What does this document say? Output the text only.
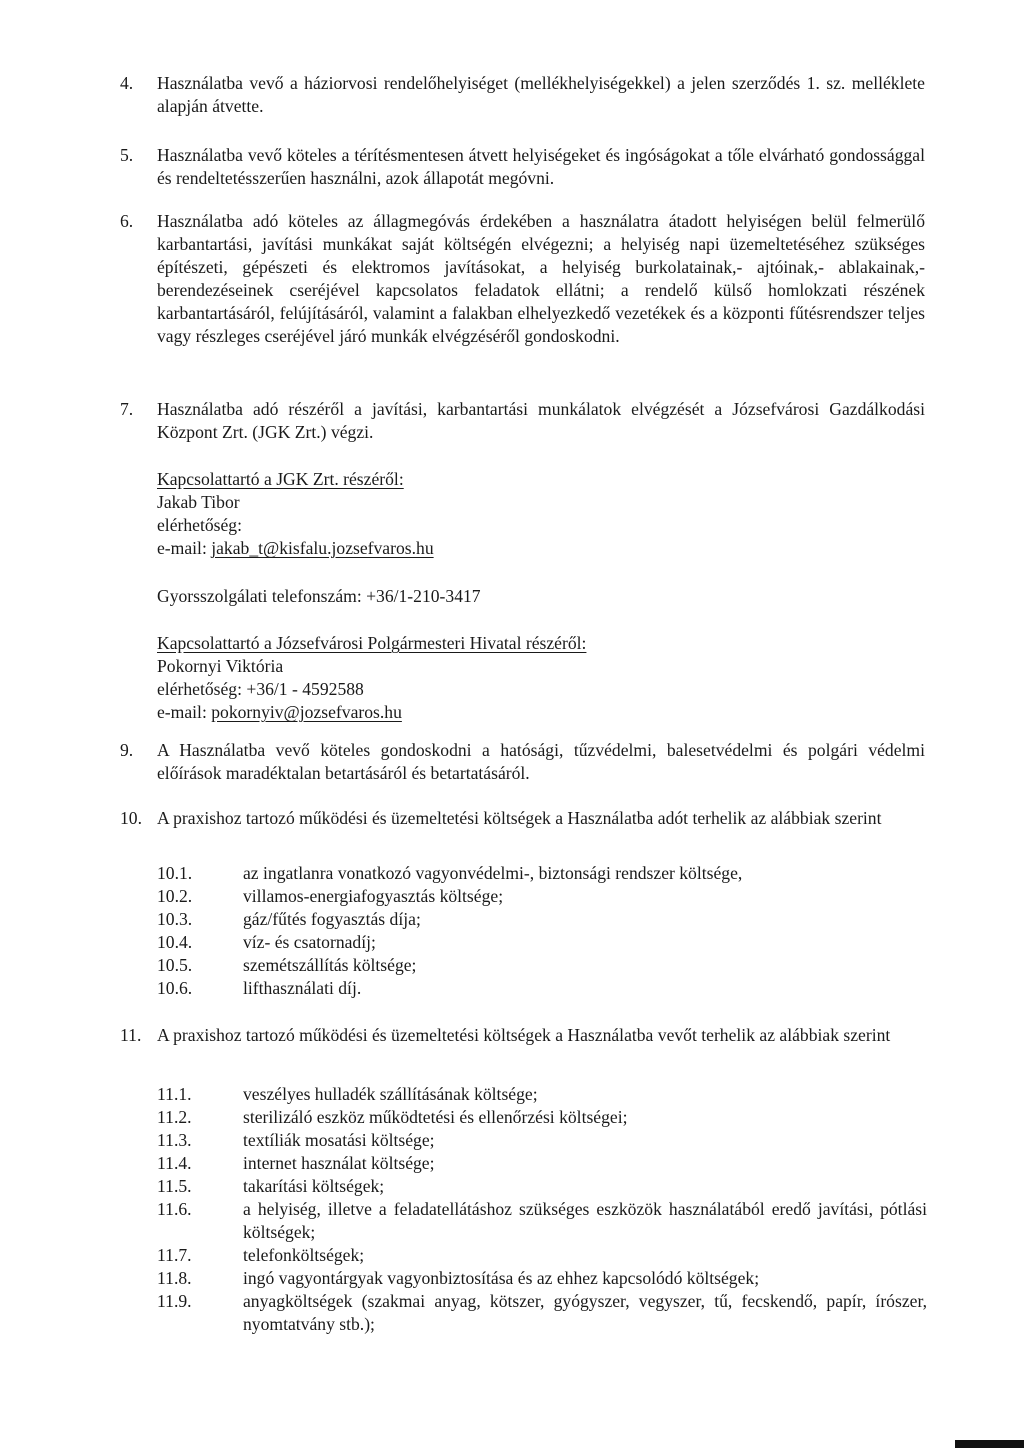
4. Használatba vevő a háziorvosi rendelőhelyiséget (mellékhelyiségekkel) a jelen szerződés 1. sz. melléklete alapján átvette.
5. Használatba vevő köteles a térítésmentesen átvett helyiségeket és ingóságokat a tőle elvárható gondossággal és rendeltetésszerűen használni, azok állapotát megóvni.
6. Használatba adó köteles az állagmegóvás érdekében a használatra átadott helyiségen belül felmerülő karbantartási, javítási munkákat saját költségén elvégezni; a helyiség napi üzemeltetéséhez szükséges építészeti, gépészeti és elektromos javításokat, a helyiség burkolatainak,- ajtóinak,- ablakainak,- berendezéseinek cseréjével kapcsolatos feladatok ellátni; a rendelő külső homlokzati részének karbantartásáról, felújításáról, valamint a falakban elhelyezkedő vezetékek és a központi fűtésrendszer teljes vagy részleges cseréjével járó munkák elvégzéséről gondoskodni.
7. Használatba adó részéről a javítási, karbantartási munkálatok elvégzését a Józsefvárosi Gazdálkodási Központ Zrt. (JGK Zrt.) végzi.
Kapcsolattartó a JGK Zrt. részéről:
Jakab Tibor
elérhetőség:
e-mail: jakab_t@kisfalu.jozsefvaros.hu
Gyorsszolgálati telefonszám: +36/1-210-3417
Kapcsolattartó a Józsefvárosi Polgármesteri Hivatal részéről:
Pokornyi Viktória
elérhetőség: +36/1 - 4592588
e-mail: pokornyiv@jozsefvaros.hu
9. A Használatba vevő köteles gondoskodni a hatósági, tűzvédelmi, balesetvédelmi és polgári védelmi előírások maradéktalan betartásáról és betartatásáról.
10. A praxishoz tartozó működési és üzemeltetési költségek a Használatba adót terhelik az alábbiak szerint
10.1.	az ingatlanra vonatkozó vagyonvédelmi-, biztonsági rendszer költsége,
10.2.	villamos-energiafogyasztás költsége;
10.3.	gáz/fűtés fogyasztás díja;
10.4.	víz- és csatornadíj;
10.5.	szemétszállítás költsége;
10.6.	lifthasználati díj.
11. A praxishoz tartozó működési és üzemeltetési költségek a Használatba vevőt terhelik az alábbiak szerint
11.1.	veszélyes hulladék szállításának költsége;
11.2.	sterilizáló eszköz működtetési és ellenőrzési költségei;
11.3.	textíliák mosatási költsége;
11.4.	internet használat költsége;
11.5.	takarítási költségek;
11.6.	a helyiség, illetve a feladatellátáshoz szükséges eszközök használatából eredő javítási, pótlási költségek;
11.7.	telefonköltségek;
11.8.	ingó vagyontárgyak vagyonbiztosítása és az ehhez kapcsolódó költségek;
11.9.	anyagköltségek (szakmai anyag, kötszer, gyógyszer, vegyszer, tű, fecskendő, papír, írószer, nyomtatvány stb.);
